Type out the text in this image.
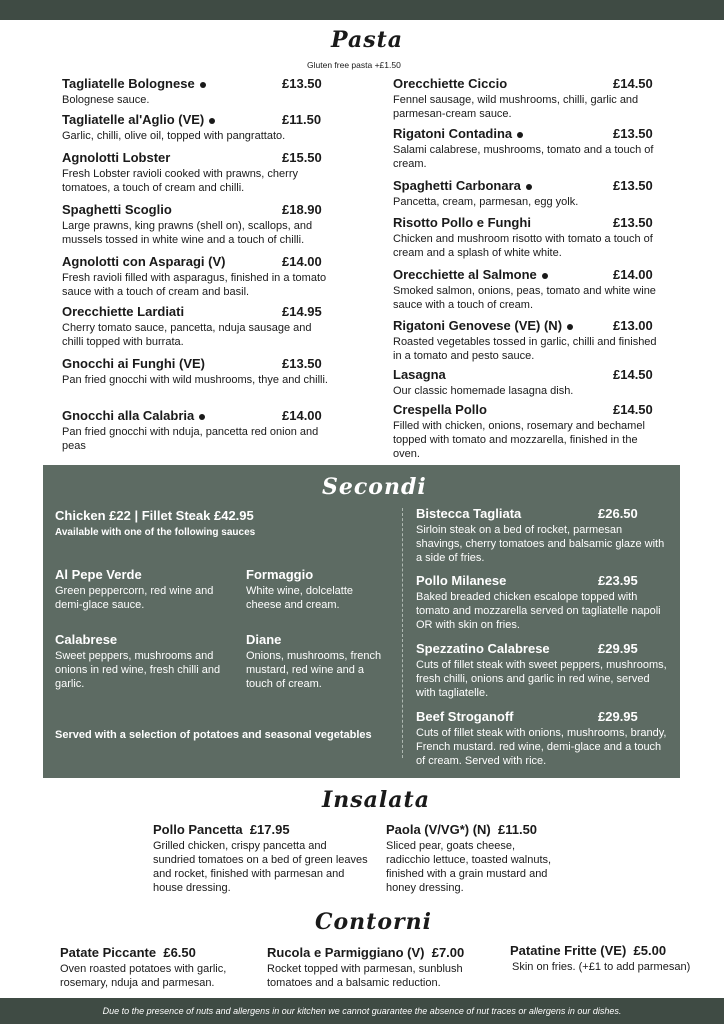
Pasta
Gluten free pasta +£1.50
Tagliatelle Bolognese	£13.50
Bolognese sauce.
Tagliatelle al'Aglio (VE)	£11.50
Garlic, chilli, olive oil, topped with pangrattato.
Agnolotti Lobster	£15.50
Fresh Lobster ravioli cooked with prawns, cherry tomatoes, a touch of cream and chilli.
Spaghetti Scoglio	£18.90
Large prawns, king prawns (shell on), scallops, and mussels tossed in white wine and a touch of chilli.
Agnolotti con Asparagi (V)	£14.00
Fresh ravioli filled with asparagus, finished in a tomato sauce with a touch of cream and basil.
Orecchiette Lardiati	£14.95
Cherry tomato sauce, pancetta, nduja sausage and chilli topped with burrata.
Gnocchi ai Funghi (VE)	£13.50
Pan fried gnocchi with wild mushrooms, thye and chilli.
Gnocchi alla Calabria	£14.00
Pan fried gnocchi with nduja, pancetta red onion and peas
Orecchiette Ciccio	£14.50
Fennel sausage, wild mushrooms, chilli, garlic and parmesan-cream sauce.
Rigatoni Contadina	£13.50
Salami calabrese, mushrooms, tomato and a touch of cream.
Spaghetti Carbonara	£13.50
Pancetta, cream, parmesan, egg yolk.
Risotto Pollo e Funghi	£13.50
Chicken and mushroom risotto with tomato a touch of cream and a splash of white white.
Orecchiette al Salmone	£14.00
Smoked salmon, onions, peas, tomato and white wine sauce with a touch of cream.
Rigatoni Genovese (VE) (N)	£13.00
Roasted vegetables tossed in garlic, chilli and finished in a tomato and pesto sauce.
Lasagna	£14.50
Our classic homemade lasagna dish.
Crespella Pollo	£14.50
Filled with chicken, onions, rosemary and bechamel topped with tomato and mozzarella, finished in the oven.
Secondi
Chicken £22 | Fillet Steak £42.95
Available with one of the following sauces
Al Pepe Verde
Green peppercorn, red wine and demi-glace sauce.
Formaggio
White wine, dolcelatte cheese and cream.
Calabrese
Sweet peppers, mushrooms and onions in red wine, fresh chilli and garlic.
Diane
Onions, mushrooms, french mustard, red wine and a touch of cream.
Served with a selection of potatoes and seasonal vegetables
Bistecca Tagliata	£26.50
Sirloin steak on a bed of rocket, parmesan shavings, cherry tomatoes and balsamic glaze with a side of fries.
Pollo Milanese	£23.95
Baked breaded chicken escalope topped with tomato and mozzarella served on tagliatelle napoli OR with skin on fries.
Spezzatino Calabrese	£29.95
Cuts of fillet steak with sweet peppers, mushrooms, fresh chilli, onions and garlic in red wine, served with tagliatelle.
Beef Stroganoff	£29.95
Cuts of fillet steak with onions, mushrooms, brandy, French mustard. red wine, demi-glace and a touch of cream. Served with rice.
Insalata
Pollo Pancetta £17.95
Grilled chicken, crispy pancetta and sundried tomatoes on a bed of green leaves and rocket, finished with parmesan and house dressing.
Paola (V/VG*) (N) £11.50
Sliced pear, goats cheese, radicchio lettuce, toasted walnuts, finished with a grain mustard and honey dressing.
Contorni
Patate Piccante £6.50
Oven roasted potatoes with garlic, rosemary, nduja and parmesan.
Rucola e Parmiggiano (V) £7.00
Rocket topped with parmesan, sunblush tomatoes and a balsamic reduction.
Patatine Fritte (VE) £5.00
Skin on fries. (+£1 to add parmesan)
Due to the presence of nuts and allergens in our kitchen we cannot guarantee the absence of nut traces or allergens in our dishes.
